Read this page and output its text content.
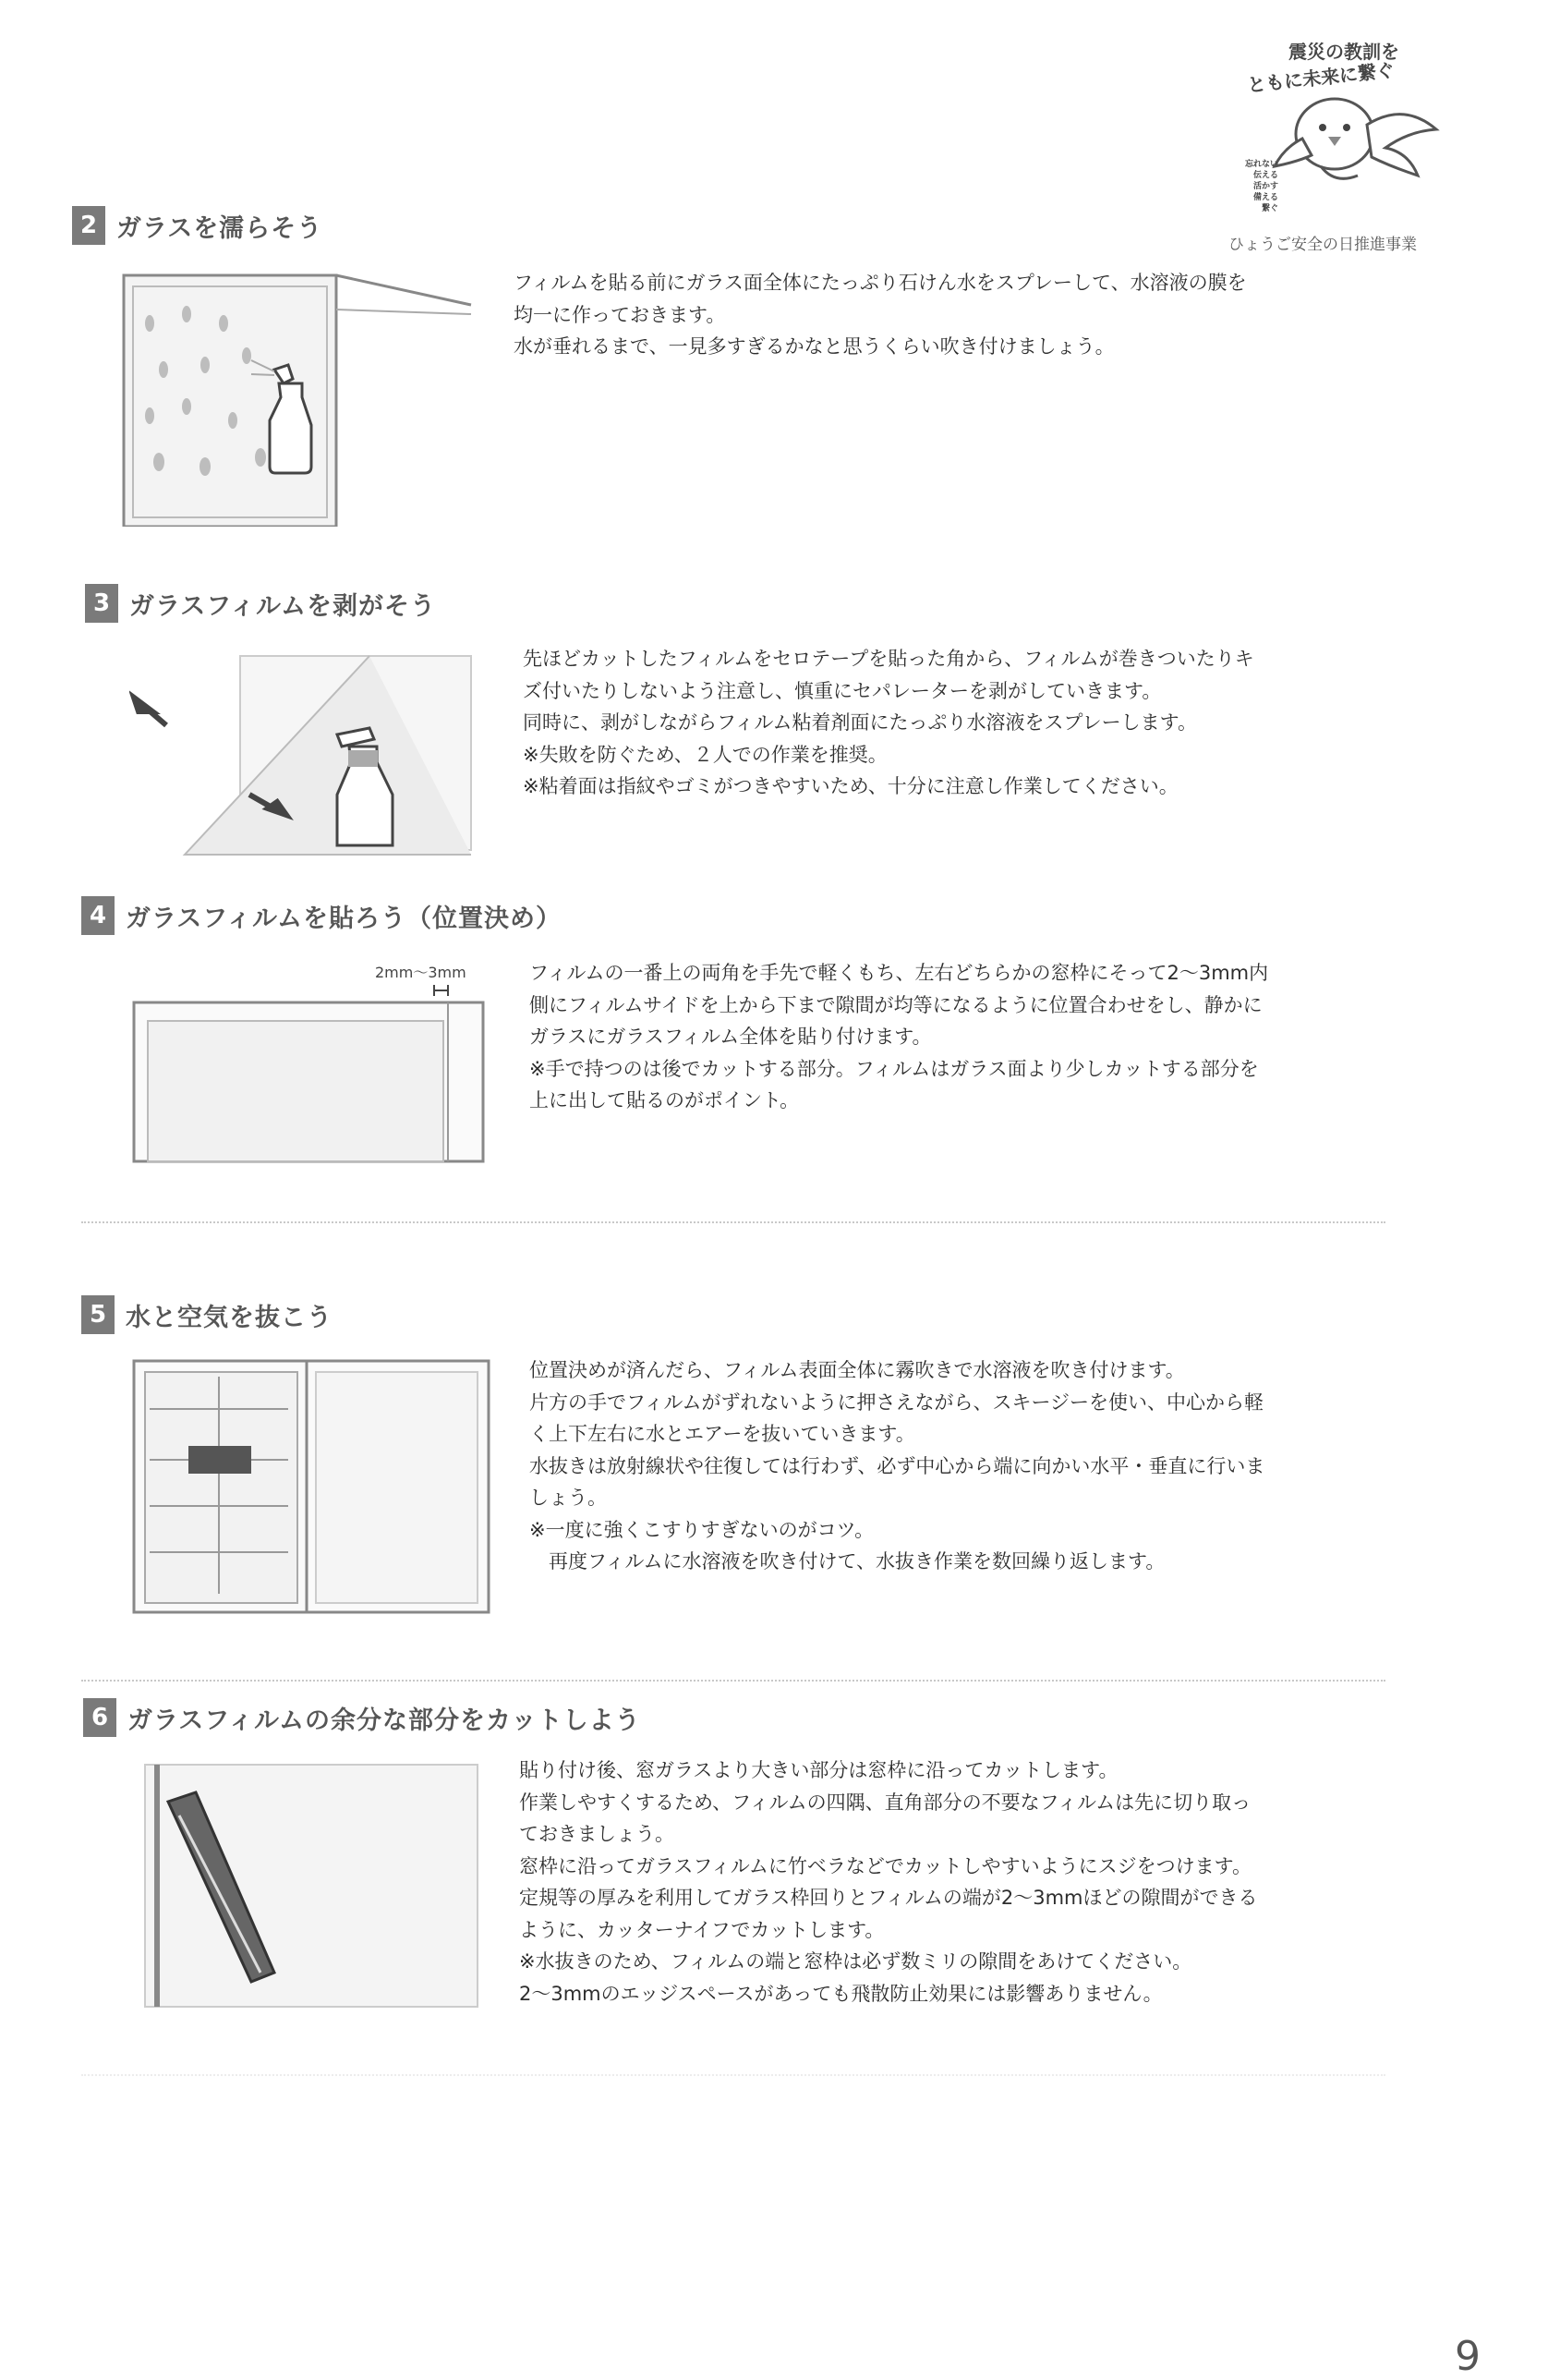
震災の教訓を
ともに未来に繋ぐ
忘れない
伝える
活かす
備える
繋ぐ
ひょうご安全の日推進事業
2 ガラスを濡らそう
フィルムを貼る前にガラス面全体にたっぷり石けん水をスプレーして、水溶液の膜を
均一に作っておきます。
水が垂れるまで、一見多すぎるかなと思うくらい吹き付けましょう。
3 ガラスフィルムを剥がそう
先ほどカットしたフィルムをセロテープを貼った角から、フィルムが巻きついたりキ
ズ付いたりしないよう注意し、慎重にセパレーターを剥がしていきます。
同時に、剥がしながらフィルム粘着剤面にたっぷり水溶液をスプレーします。
※失敗を防ぐため、２人での作業を推奨。
※粘着面は指紋やゴミがつきやすいため、十分に注意し作業してください。
4 ガラスフィルムを貼ろう（位置決め）
2mm～3mm	フィルムの一番上の両角を手先で軽くもち、左右どちらかの窓枠にそって2～3mm内
側にフィルムサイドを上から下まで隙間が均等になるように位置合わせをし、静かに
ガラスにガラスフィルム全体を貼り付けます。
※手で持つのは後でカットする部分。フィルムはガラス面より少しカットする部分を
上に出して貼るのがポイント。
5 水と空気を抜こう
位置決めが済んだら、フィルム表面全体に霧吹きで水溶液を吹き付けます。
片方の手でフィルムがずれないように押さえながら、スキージーを使い、中心から軽
く上下左右に水とエアーを抜いていきます。
水抜きは放射線状や往復しては行わず、必ず中心から端に向かい水平・垂直に行いま
しょう。
※一度に強くこすりすぎないのがコツ。
　再度フィルムに水溶液を吹き付けて、水抜き作業を数回繰り返します。
6 ガラスフィルムの余分な部分をカットしよう
貼り付け後、窓ガラスより大きい部分は窓枠に沿ってカットします。
作業しやすくするため、フィルムの四隅、直角部分の不要なフィルムは先に切り取っ
ておきましょう。
窓枠に沿ってガラスフィルムに竹ベラなどでカットしやすいようにスジをつけます。
定規等の厚みを利用してガラス枠回りとフィルムの端が2～3mmほどの隙間ができる
ように、カッターナイフでカットします。
※水抜きのため、フィルムの端と窓枠は必ず数ミリの隙間をあけてください。
2～3mmのエッジスペースがあっても飛散防止効果には影響ありません。
9
